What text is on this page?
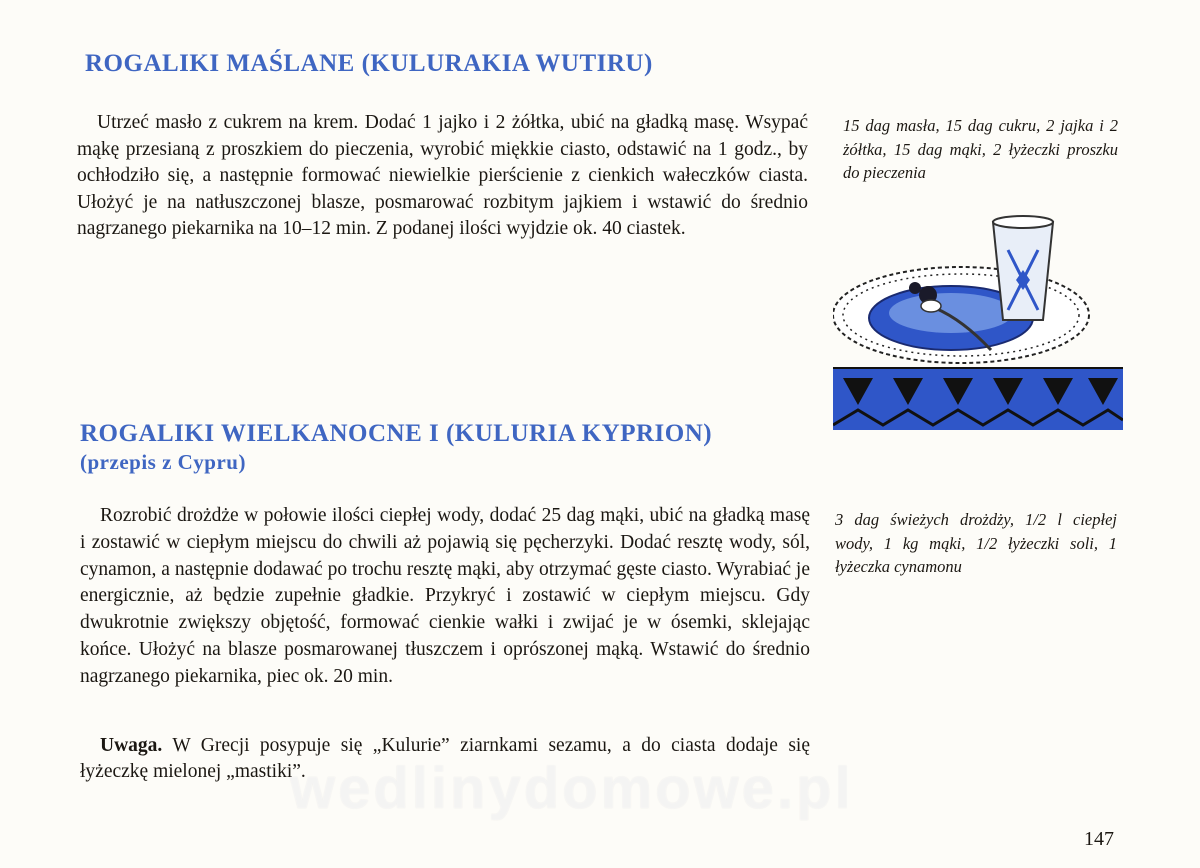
ROGALIKI MAŚLANE (KULURAKIA WUTIRU)

Utrzeć masło z cukrem na krem. Dodać 1 jajko i 2 żółtka, ubić na gładką masę. Wsypać mąkę przesianą z proszkiem do pieczenia, wyrobić miękkie ciasto, odstawić na 1 godz., by ochłodziło się, a następnie formować niewielkie pierścienie z cienkich wałeczków ciasta. Ułożyć je na natłuszczonej blasze, posmarować rozbitym jajkiem i wstawić do średnio nagrzanego piekarnika na 10–12 min. Z podanej ilości wyjdzie ok. 40 ciastek.

15 dag masła, 15 dag cukru, 2 jajka i 2 żółtka, 15 dag mąki, 2 łyżeczki proszku do pieczenia

ROGALIKI WIELKANOCNE I (KULURIA KYPRION)
(przepis z Cypru)

Rozrobić drożdże w połowie ilości ciepłej wody, dodać 25 dag mąki, ubić na gładką masę i zostawić w ciepłym miejscu do chwili aż pojawią się pęcherzyki. Dodać resztę wody, sól, cynamon, a następnie dodawać po trochu resztę mąki, aby otrzymać gęste ciasto. Wyrabiać je energicznie, aż będzie zupełnie gładkie. Przykryć i zostawić w ciepłym miejscu. Gdy dwukrotnie zwiększy objętość, formować cienkie wałki i zwijać je w ósemki, sklejając końce. Ułożyć na blasze posmarowanej tłuszczem i oprószonej mąką. Wstawić do średnio nagrzanego piekarnika, piec ok. 20 min.

3 dag świeżych drożdży, 1/2 l ciepłej wody, 1 kg mąki, 1/2 łyżeczki soli, 1 łyżeczka cynamonu

Uwaga. W Grecji posypuje się „Kulurie” ziarnkami sezamu, a do ciasta dodaje się łyżeczkę mielonej „mastiki”.

wedlinydomowe.pl
147
